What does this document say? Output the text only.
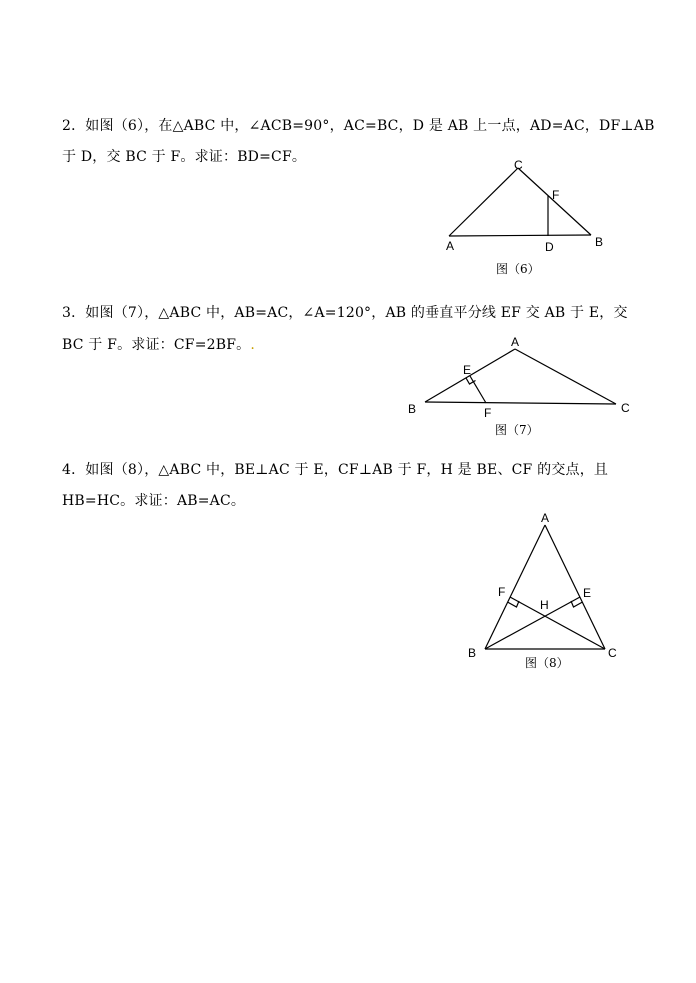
2．如图（6），在△ABC 中，∠ACB=90°，AC=BC，D 是 AB 上一点，AD=AC，DF⊥AB
于 D，交 BC 于 F。求证：BD=CF。	C
F
A	D	B
图（6）
3．如图（7），△ABC 中，AB=AC，∠A=120°，AB 的垂直平分线 EF 交 AB 于 E，交
BC 于 F。求证：CF=2BF。.	A
E
B	F	C
图（7）
4．如图（8），△ABC 中，BE⊥AC 于 E，CF⊥AB 于 F，H 是 BE、CF 的交点，且
HB=HC。求证：AB=AC。
A
F	E
H
B	C
图（8）
